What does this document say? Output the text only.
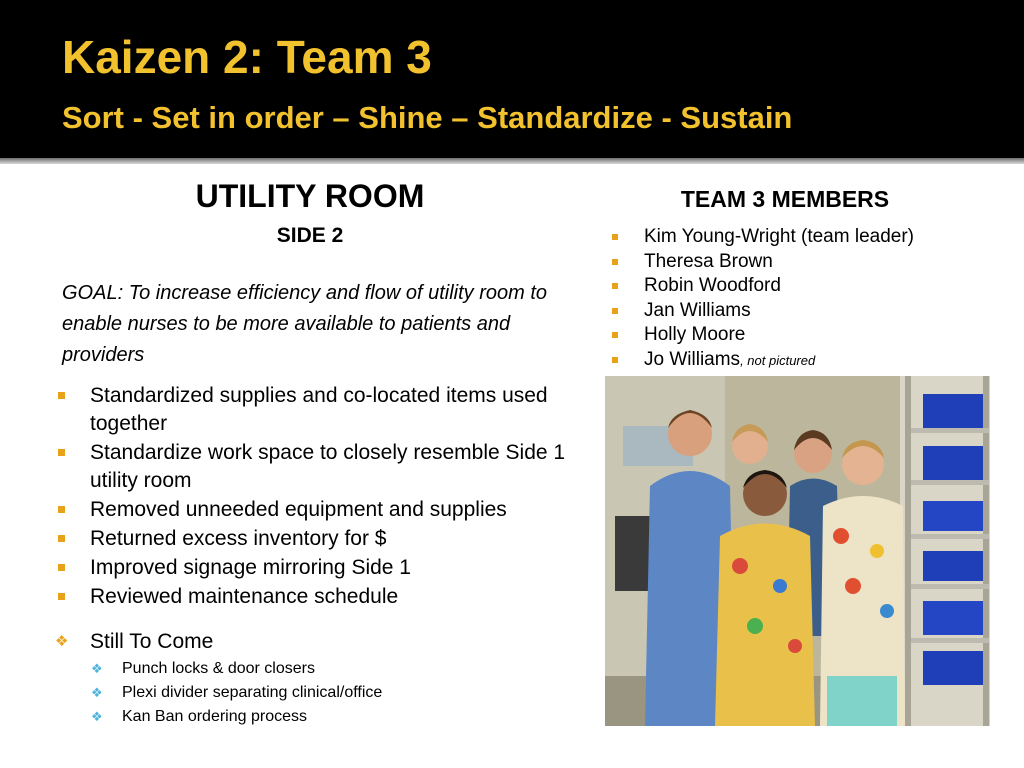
Kaizen 2: Team 3
Sort - Set in order – Shine – Standardize - Sustain
UTILITY ROOM
SIDE 2
GOAL: To increase efficiency and flow of utility room to enable nurses to be more available to patients and providers
Standardized supplies and co-located items used together
Standardize work space to closely resemble Side 1 utility room
Removed unneeded equipment and supplies
Returned excess inventory for $
Improved signage mirroring Side 1
Reviewed maintenance schedule
❖ Still To Come
❖ Punch locks & door closers
❖ Plexi divider separating clinical/office
❖ Kan Ban ordering process
TEAM 3 MEMBERS
Kim Young-Wright (team leader)
Theresa Brown
Robin Woodford
Jan Williams
Holly Moore
Jo Williams, not pictured
